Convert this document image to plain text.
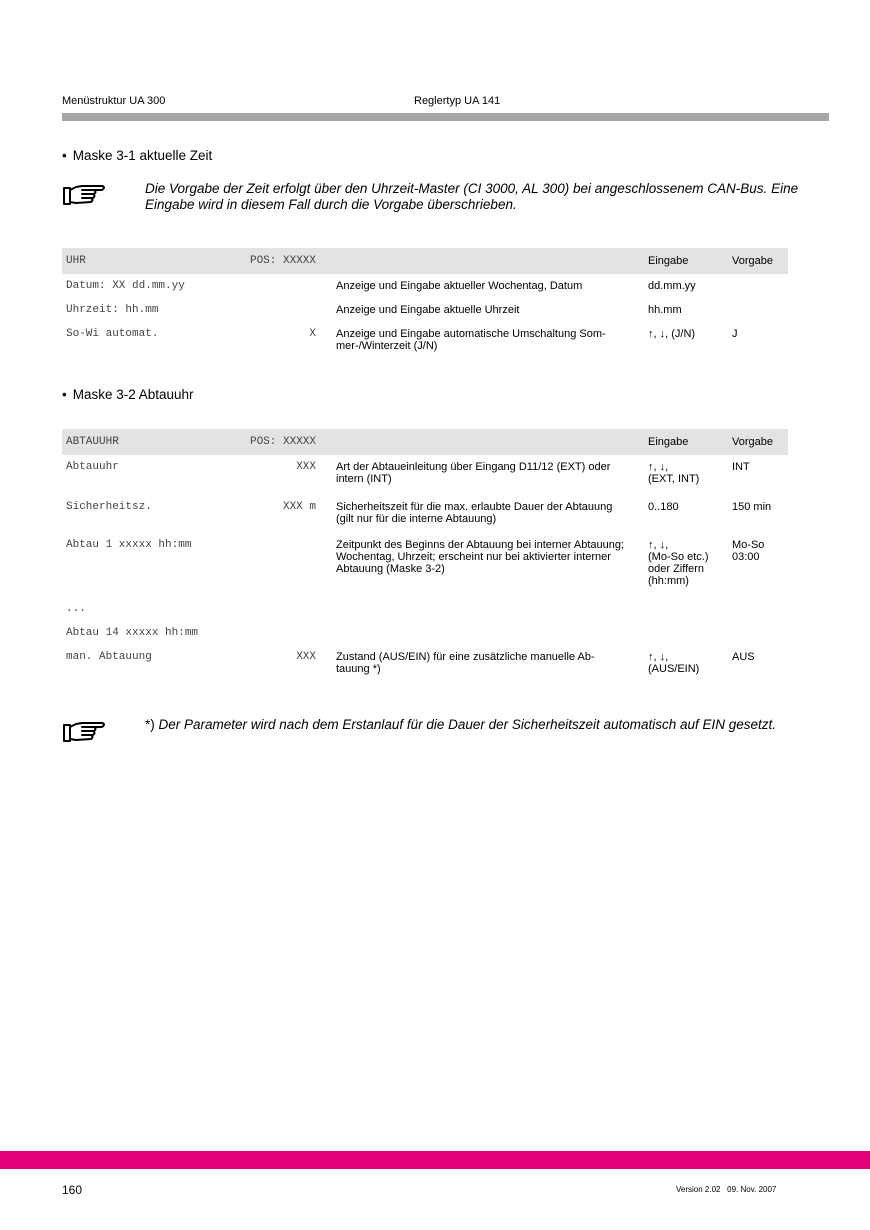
Menüstruktur UA 300	Reglertyp UA 141
• Maske 3-1 aktuelle Zeit
Die Vorgabe der Zeit erfolgt über den Uhrzeit-Master (CI 3000, AL 300) bei angeschlossenem CAN-Bus. Eine Eingabe wird in diesem Fall durch die Vorgabe überschrieben.
UHR	POS: XXXXX		Eingabe	Vorgabe

Datum: XX dd.mm.yy		Anzeige und Eingabe aktueller Wochentag, Datum	dd.mm.yy	
Uhrzeit: hh.mm		Anzeige und Eingabe aktuelle Uhrzeit	hh.mm	
So-Wi automat.	X	Anzeige und Eingabe automatische Umschaltung Som-
mer-/Winterzeit (J/N)	↑, ↓, (J/N)	J
• Maske 3-2 Abtauuhr
ABTAUUHR	POS: XXXXX		Eingabe	Vorgabe

Abtauuhr	XXX	Art der Abtaueinleitung über Eingang D11/12 (EXT) oder
intern (INT)	↑, ↓,
(EXT, INT)	INT
Sicherheitsz.	XXX m	Sicherheitszeit für die max. erlaubte Dauer der Abtauung
(gilt nur für die interne Abtauung)	0..180	150 min
Abtau 1 xxxxx hh:mm		Zeitpunkt des Beginns der Abtauung bei interner Abtauung;
Wochentag, Uhrzeit; erscheint nur bei aktivierter interner
Abtauung (Maske 3-2)	↑, ↓,
(Mo-So etc.)
oder Ziffern
(hh:mm)	Mo-So
03:00
...				
Abtau 14 xxxxx hh:mm				
man. Abtauung	XXX	Zustand (AUS/EIN) für eine zusätzliche manuelle Ab-
tauung *)	↑, ↓,
(AUS/EIN)	AUS
*) Der Parameter wird nach dem Erstanlauf für die Dauer der Sicherheitszeit automatisch auf EIN gesetzt.
160	Version 2.02   09. Nov. 2007
